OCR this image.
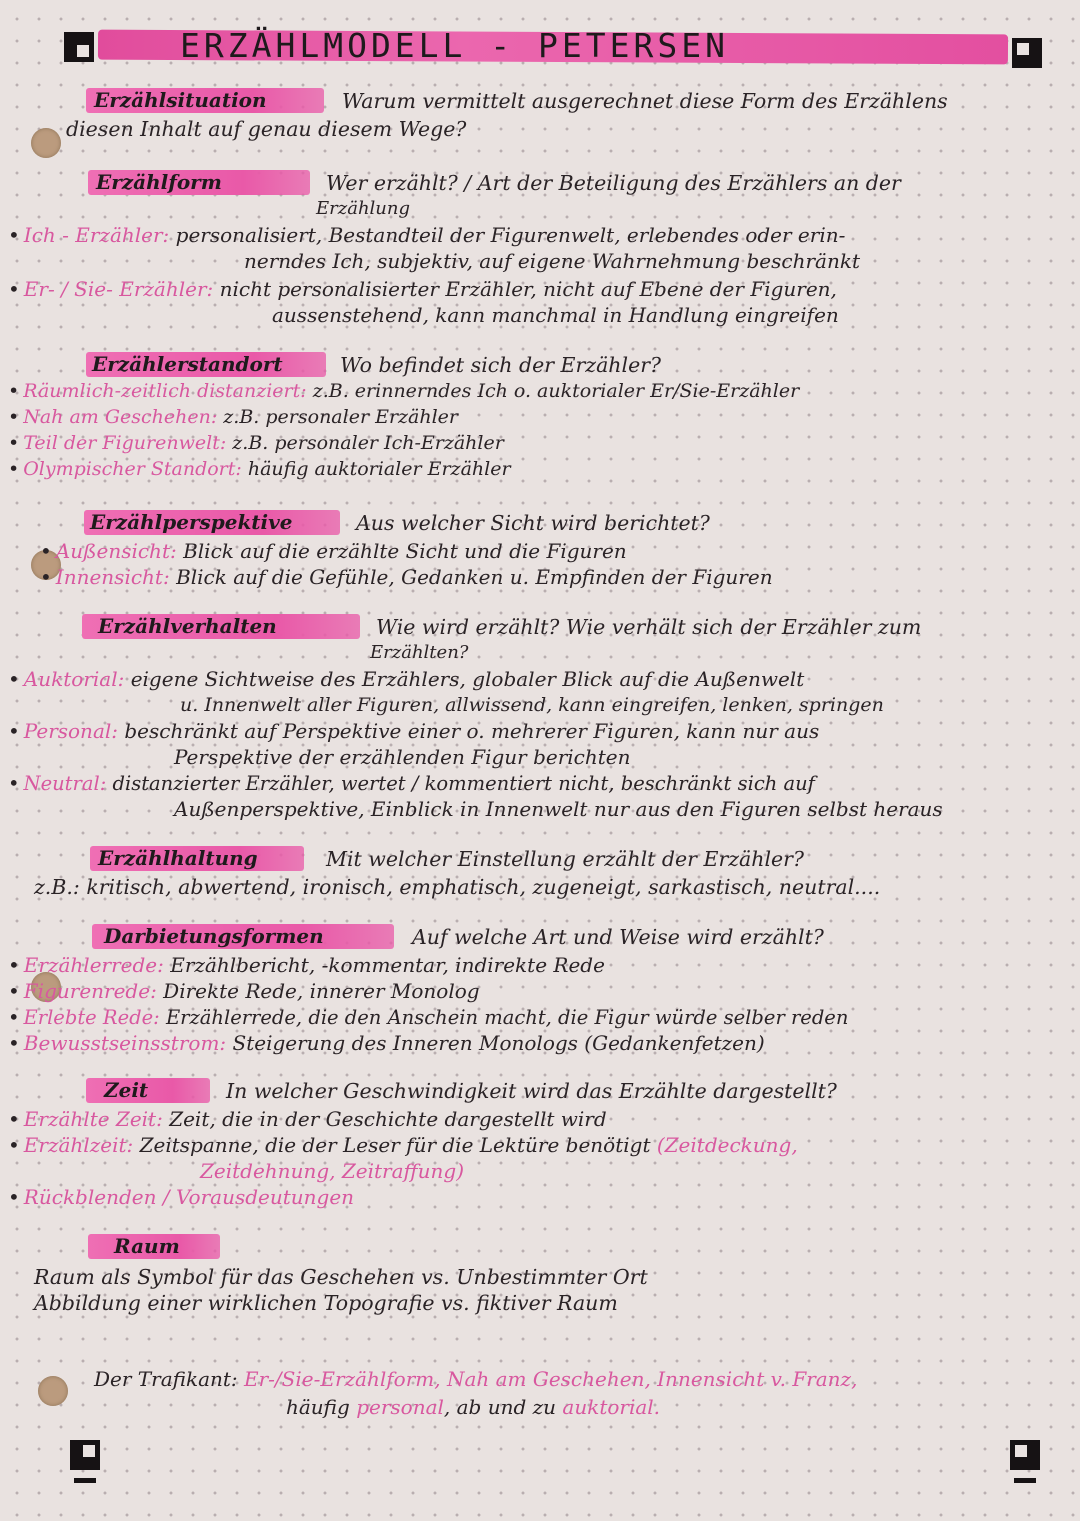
ERZÄHLMODELL - PETERSEN
Erzählsituation	Warum vermittelt ausgerechnet diese Form des Erzählens
diesen Inhalt auf genau diesem Wege?
Erzählform	Wer erzählt? / Art der Beteiligung des Erzählers an der
Erzählung
• Ich - Erzähler: personalisiert, Bestandteil der Figurenwelt, erlebendes oder erin-
nerndes Ich, subjektiv, auf eigene Wahrnehmung beschränkt
• Er- / Sie- Erzähler: nicht personalisierter Erzähler, nicht auf Ebene der Figuren,
aussenstehend, kann manchmal in Handlung eingreifen
Erzählerstandort	Wo befindet sich der Erzähler?
• Räumlich-zeitlich distanziert: z.B. erinnerndes Ich o. auktorialer Er/Sie-Erzähler
• Nah am Geschehen: z.B. personaler Erzähler
• Teil der Figurenwelt: z.B. personaler Ich-Erzähler
• Olympischer Standort: häufig auktorialer Erzähler
Erzählperspektive	Aus welcher Sicht wird berichtet?
• Außensicht: Blick auf die erzählte Sicht und die Figuren
• Innensicht: Blick auf die Gefühle, Gedanken u. Empfinden der Figuren
Erzählverhalten	Wie wird erzählt? Wie verhält sich der Erzähler zum
Erzählten?
• Auktorial: eigene Sichtweise des Erzählers, globaler Blick auf die Außenwelt
u. Innenwelt aller Figuren, allwissend, kann eingreifen, lenken, springen
• Personal: beschränkt auf Perspektive einer o. mehrerer Figuren, kann nur aus
Perspektive der erzählenden Figur berichten
• Neutral: distanzierter Erzähler, wertet / kommentiert nicht, beschränkt sich auf
Außenperspektive, Einblick in Innenwelt nur aus den Figuren selbst heraus
Erzählhaltung	Mit welcher Einstellung erzählt der Erzähler?
z.B.: kritisch, abwertend, ironisch, emphatisch, zugeneigt, sarkastisch, neutral....
Darbietungsformen	Auf welche Art und Weise wird erzählt?
• Erzählerrede: Erzählbericht, -kommentar, indirekte Rede
• Figurenrede: Direkte Rede, innerer Monolog
• Erlebte Rede: Erzählerrede, die den Anschein macht, die Figur würde selber reden
• Bewusstseinsstrom: Steigerung des Inneren Monologs (Gedankenfetzen)
Zeit	In welcher Geschwindigkeit wird das Erzählte dargestellt?
• Erzählte Zeit: Zeit, die in der Geschichte dargestellt wird
• Erzählzeit: Zeitspanne, die der Leser für die Lektüre benötigt (Zeitdeckung,
Zeitdehnung, Zeitraffung)
• Rückblenden / Vorausdeutungen
Raum
Raum als Symbol für das Geschehen vs. Unbestimmter Ort
Abbildung einer wirklichen Topografie vs. fiktiver Raum
Der Trafikant: Er-/Sie-Erzählform, Nah am Geschehen, Innensicht v. Franz,
häufig personal, ab und zu auktorial.
